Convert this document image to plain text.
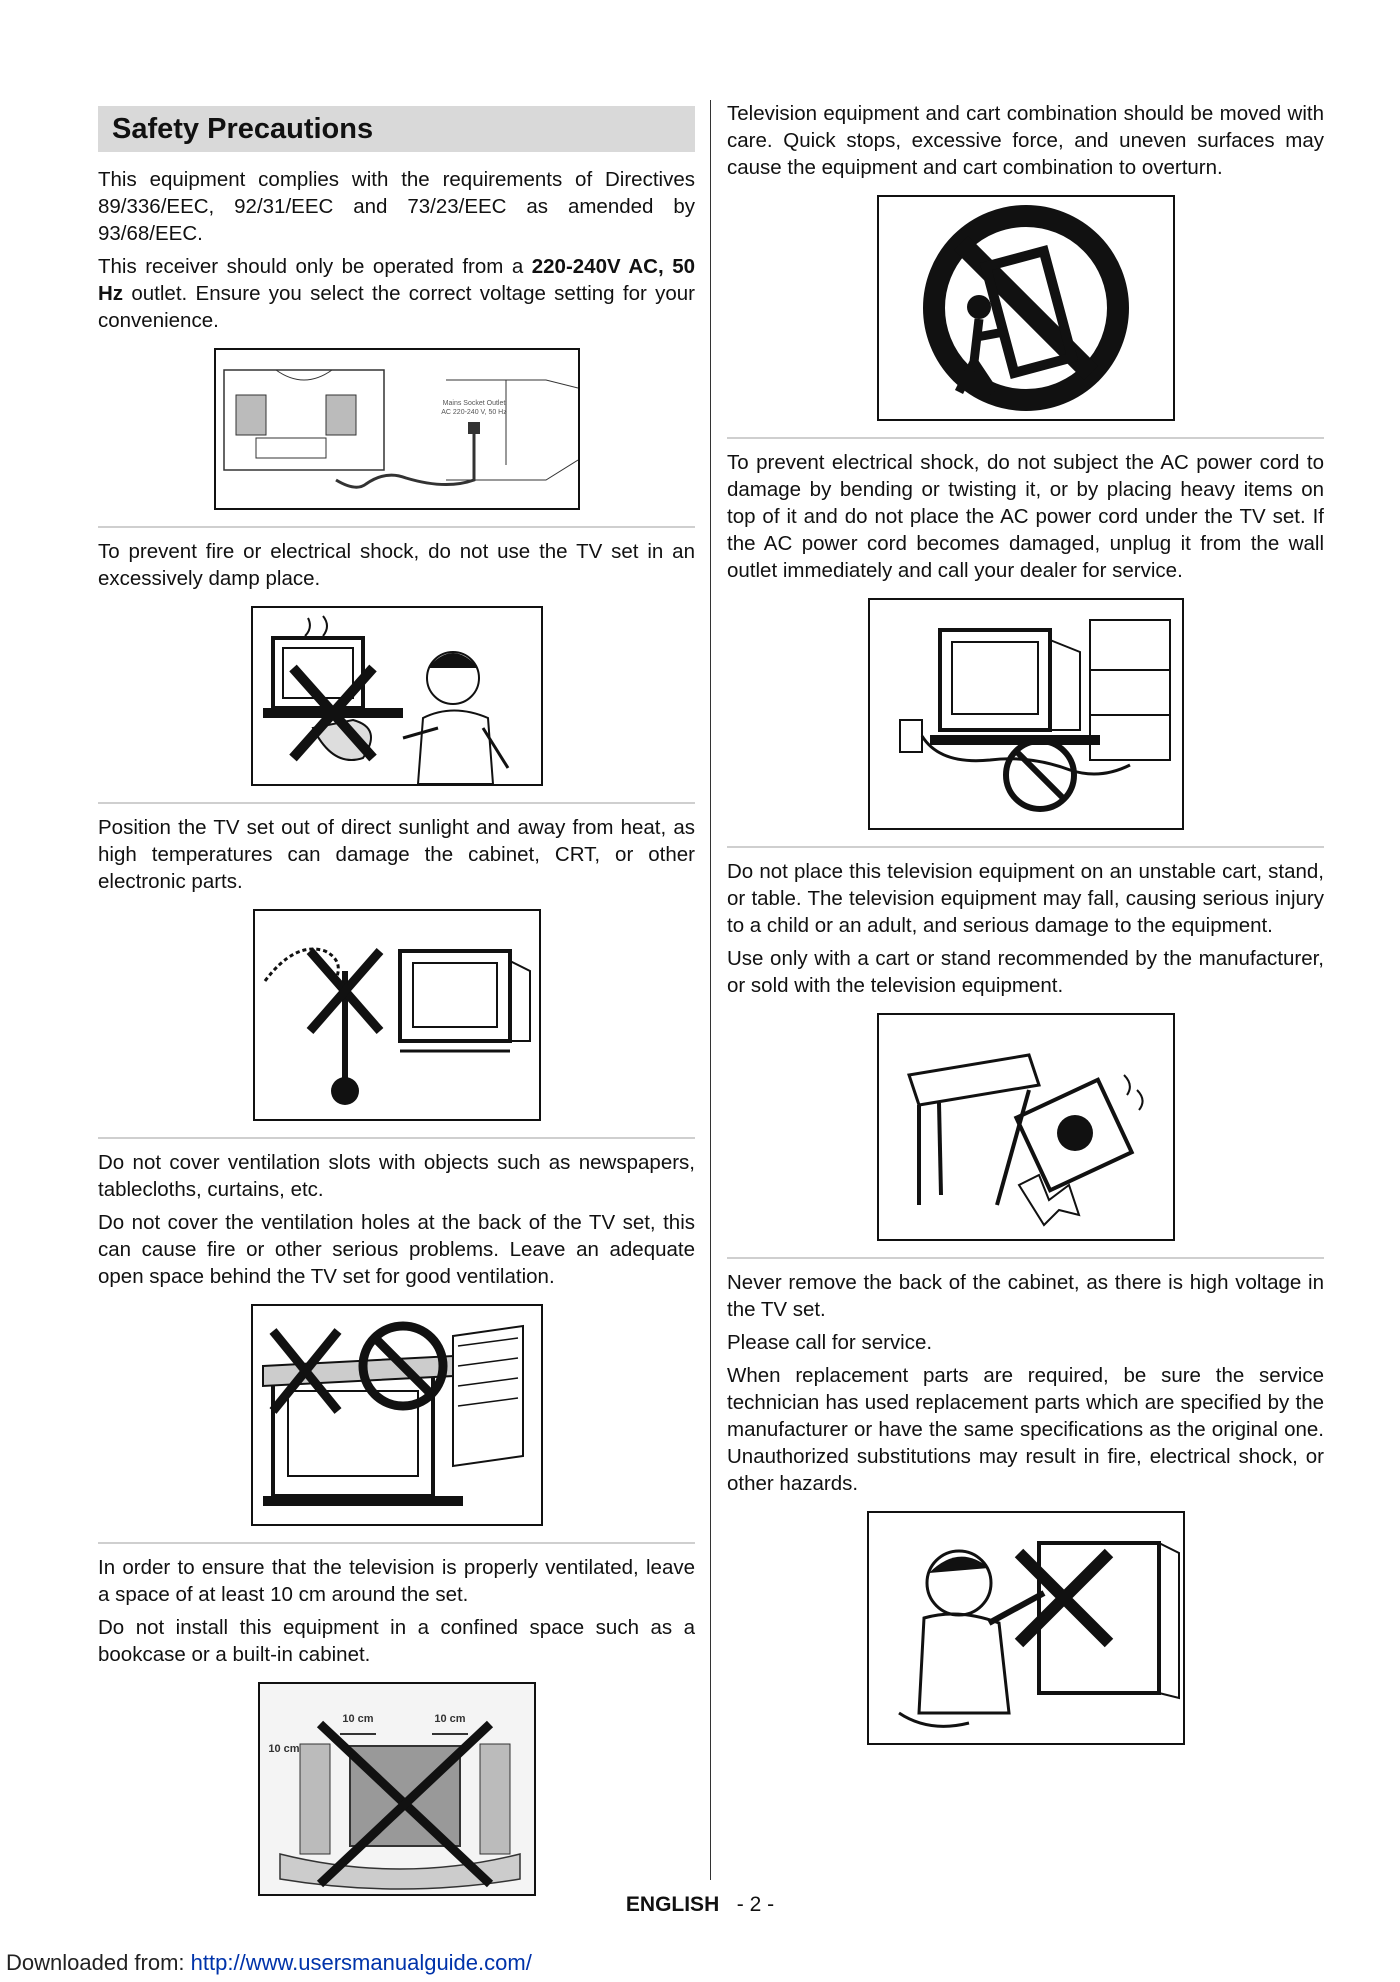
Safety Precautions

This equipment complies with the requirements of Directives 89/336/EEC, 92/31/EEC and 73/23/EEC as amended by 93/68/EEC.

This receiver should only be operated from a 220-240V AC, 50 Hz outlet. Ensure you select the correct voltage setting for your convenience.

Mains Socket Outlet
AC 220-240 V, 50 Hz

To prevent fire or electrical shock, do not use the TV set in an excessively damp place.

Position the TV set out of direct sunlight and away from heat, as high temperatures can damage the cabinet, CRT, or other electronic parts.

Do not cover ventilation slots with objects such as newspapers, tablecloths, curtains, etc.

Do not cover the ventilation holes at the back of the TV set, this can cause fire or other serious problems. Leave an adequate open space behind the TV set for good ventilation.

In order to ensure that the television is properly ventilated, leave a space of at least 10 cm around the set.

Do not install this equipment in a confined space such as a bookcase or a built-in cabinet.

10 cm	10 cm
10 cm

Television equipment and cart combination should be moved with care. Quick stops, excessive force, and uneven surfaces may cause the equipment and cart combination to overturn.

To prevent electrical shock, do not subject the AC power cord to damage by bending or twisting it, or by placing heavy items on top of it and do not place the AC power cord under the TV set. If the AC power cord becomes damaged, unplug it from the wall outlet immediately and call your dealer for service.

Do not place this television equipment on an unstable cart, stand, or table. The television equipment may fall, causing serious injury to a child or an adult, and serious damage to the equipment.

Use only with a cart or stand recommended by the manufacturer, or sold with the television equipment.

Never remove the back of the cabinet, as there is high voltage in the TV set.

Please call for service.

When replacement parts are required, be sure the service technician has used replacement parts which are specified by the manufacturer or have the same specifications as the original one. Unauthorized substitutions may result in fire, electrical shock, or other hazards.

ENGLISH - 2 -
Downloaded from: http://www.usersmanualguide.com/
